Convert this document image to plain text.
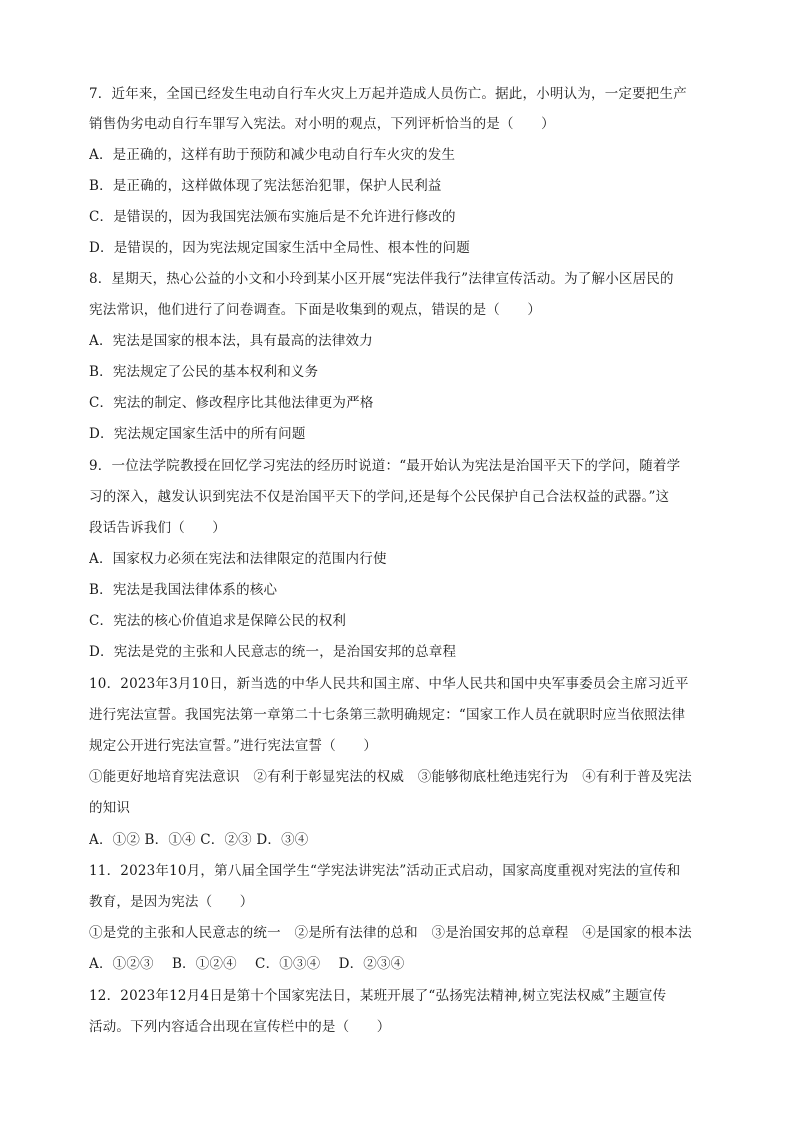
7．近年来，全国已经发生电动自行车火灾上万起并造成人员伤亡。据此，小明认为，一定要把生产
销售伪劣电动自行车罪写入宪法。对小明的观点，下列评析恰当的是（　　）
A．是正确的，这样有助于预防和减少电动自行车火灾的发生
B．是正确的，这样做体现了宪法惩治犯罪，保护人民利益
C．是错误的，因为我国宪法颁布实施后是不允许进行修改的
D．是错误的，因为宪法规定国家生活中全局性、根本性的问题
8．星期天，热心公益的小文和小玲到某小区开展“宪法伴我行”法律宣传活动。为了解小区居民的
宪法常识，他们进行了问卷调查。下面是收集到的观点，错误的是（　　）
A．宪法是国家的根本法，具有最高的法律效力
B．宪法规定了公民的基本权利和义务
C．宪法的制定、修改程序比其他法律更为严格
D．宪法规定国家生活中的所有问题
9．一位法学院教授在回忆学习宪法的经历时说道：“最开始认为宪法是治国平天下的学问，随着学
习的深入，越发认识到宪法不仅是治国平天下的学问,还是每个公民保护自己合法权益的武器。”这
段话告诉我们（　　）
A．国家权力必须在宪法和法律限定的范围内行使
B．宪法是我国法律体系的核心
C．宪法的核心价值追求是保障公民的权利
D．宪法是党的主张和人民意志的统一，是治国安邦的总章程
10．2023年3月10日，新当选的中华人民共和国主席、中华人民共和国中央军事委员会主席习近平
进行宪法宣誓。我国宪法第一章第二十七条第三款明确规定：“国家工作人员在就职时应当依照法律
规定公开进行宪法宣誓。”进行宪法宣誓（　　）
①能更好地培育宪法意识　②有利于彰显宪法的权威　③能够彻底杜绝违宪行为　④有利于普及宪法
的知识
A．①② B．①④ C．②③ D．③④
11．2023年10月，第八届全国学生“学宪法讲宪法”活动正式启动，国家高度重视对宪法的宣传和
教育，是因为宪法（　　）
①是党的主张和人民意志的统一　②是所有法律的总和　③是治国安邦的总章程　④是国家的根本法
A．①②③　 B．①②④　 C．①③④　 D．②③④
12．2023年12月4日是第十个国家宪法日，某班开展了“弘扬宪法精神,树立宪法权威”主题宣传
活动。下列内容适合出现在宣传栏中的是（　　）
